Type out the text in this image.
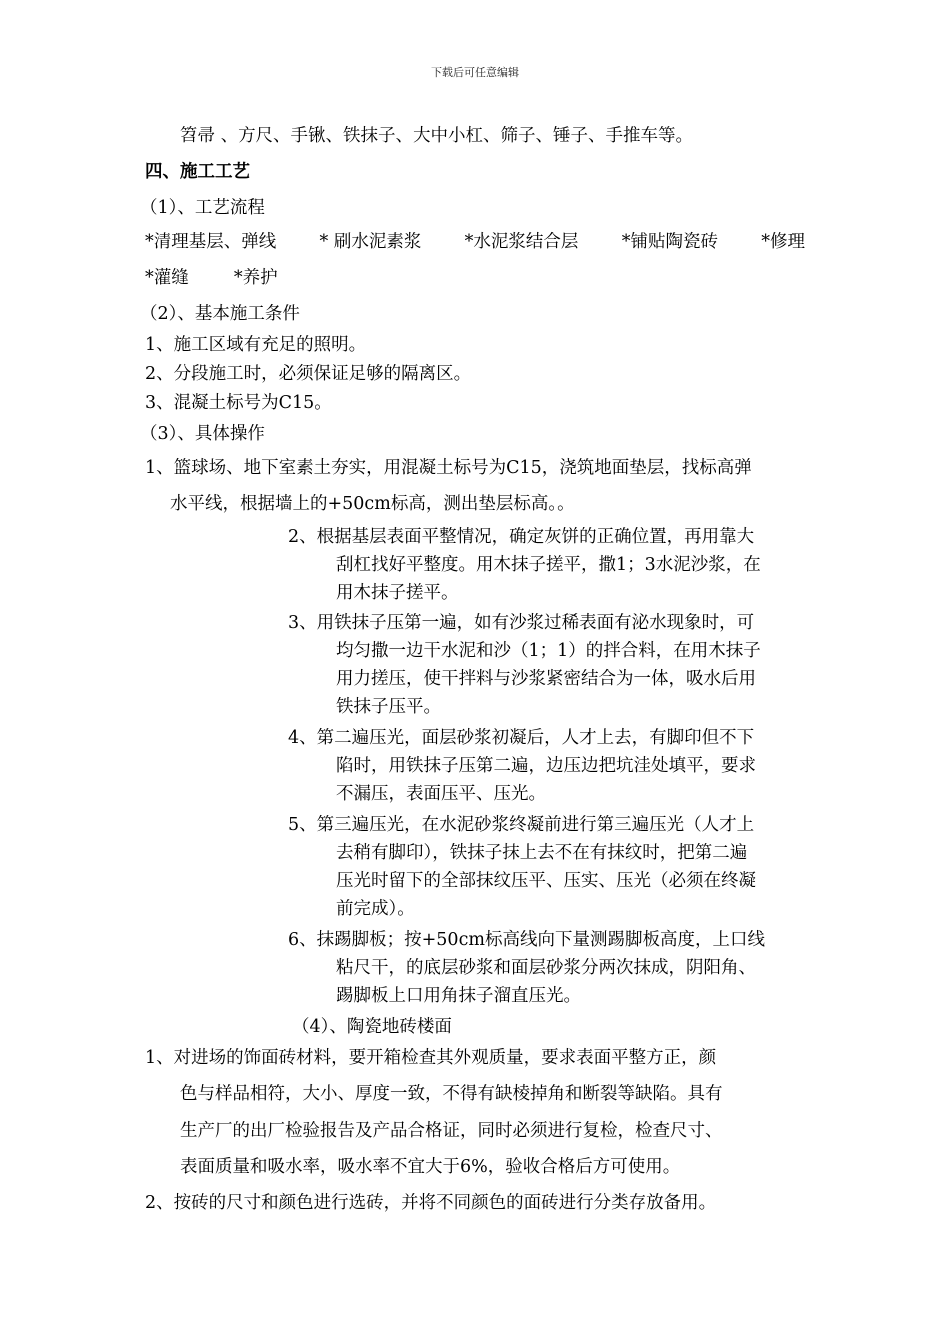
下载后可任意编辑
笤帚 、方尺、手锹、铁抹子、大中小杠、筛子、锤子、手推车等。
四、施工工艺
（1）、工艺流程
*清理基层、弹线 * 刷水泥素浆 *水泥浆结合层 *铺贴陶瓷砖 *修理
*灌缝	*养护
（2）、基本施工条件
1、施工区域有充足的照明。
2、分段施工时，必须保证足够的隔离区。
3、混凝土标号为C15。
（3）、具体操作
1、篮球场、地下室素土夯实，用混凝土标号为C15，浇筑地面垫层，找标高弹
水平线，根据墙上的+50cm标高，测出垫层标高。。
2、根据基层表面平整情况，确定灰饼的正确位置，再用靠大
刮杠找好平整度。用木抹子搓平，撒1；3水泥沙浆，在
用木抹子搓平。
3、用铁抹子压第一遍，如有沙浆过稀表面有泌水现象时，可
均匀撒一边干水泥和沙（1；1）的拌合料，在用木抹子
用力搓压，使干拌料与沙浆紧密结合为一体，吸水后用
铁抹子压平。
4、第二遍压光，面层砂浆初凝后，人才上去，有脚印但不下
陷时，用铁抹子压第二遍，边压边把坑洼处填平，要求
不漏压，表面压平、压光。
5、第三遍压光，在水泥砂浆终凝前进行第三遍压光（人才上
去稍有脚印），铁抹子抹上去不在有抹纹时，把第二遍
压光时留下的全部抹纹压平、压实、压光（必须在终凝
前完成）。
6、抹踢脚板；按+50cm标高线向下量测踢脚板高度，上口线
粘尺干，的底层砂浆和面层砂浆分两次抹成，阴阳角、
踢脚板上口用角抹子溜直压光。
（4）、陶瓷地砖楼面
1、对进场的饰面砖材料，要开箱检查其外观质量，要求表面平整方正，颜
色与样品相符，大小、厚度一致，不得有缺棱掉角和断裂等缺陷。具有
生产厂的出厂检验报告及产品合格证，同时必须进行复检，检查尺寸、
表面质量和吸水率，吸水率不宜大于6%，验收合格后方可使用。
2、按砖的尺寸和颜色进行选砖，并将不同颜色的面砖进行分类存放备用。
